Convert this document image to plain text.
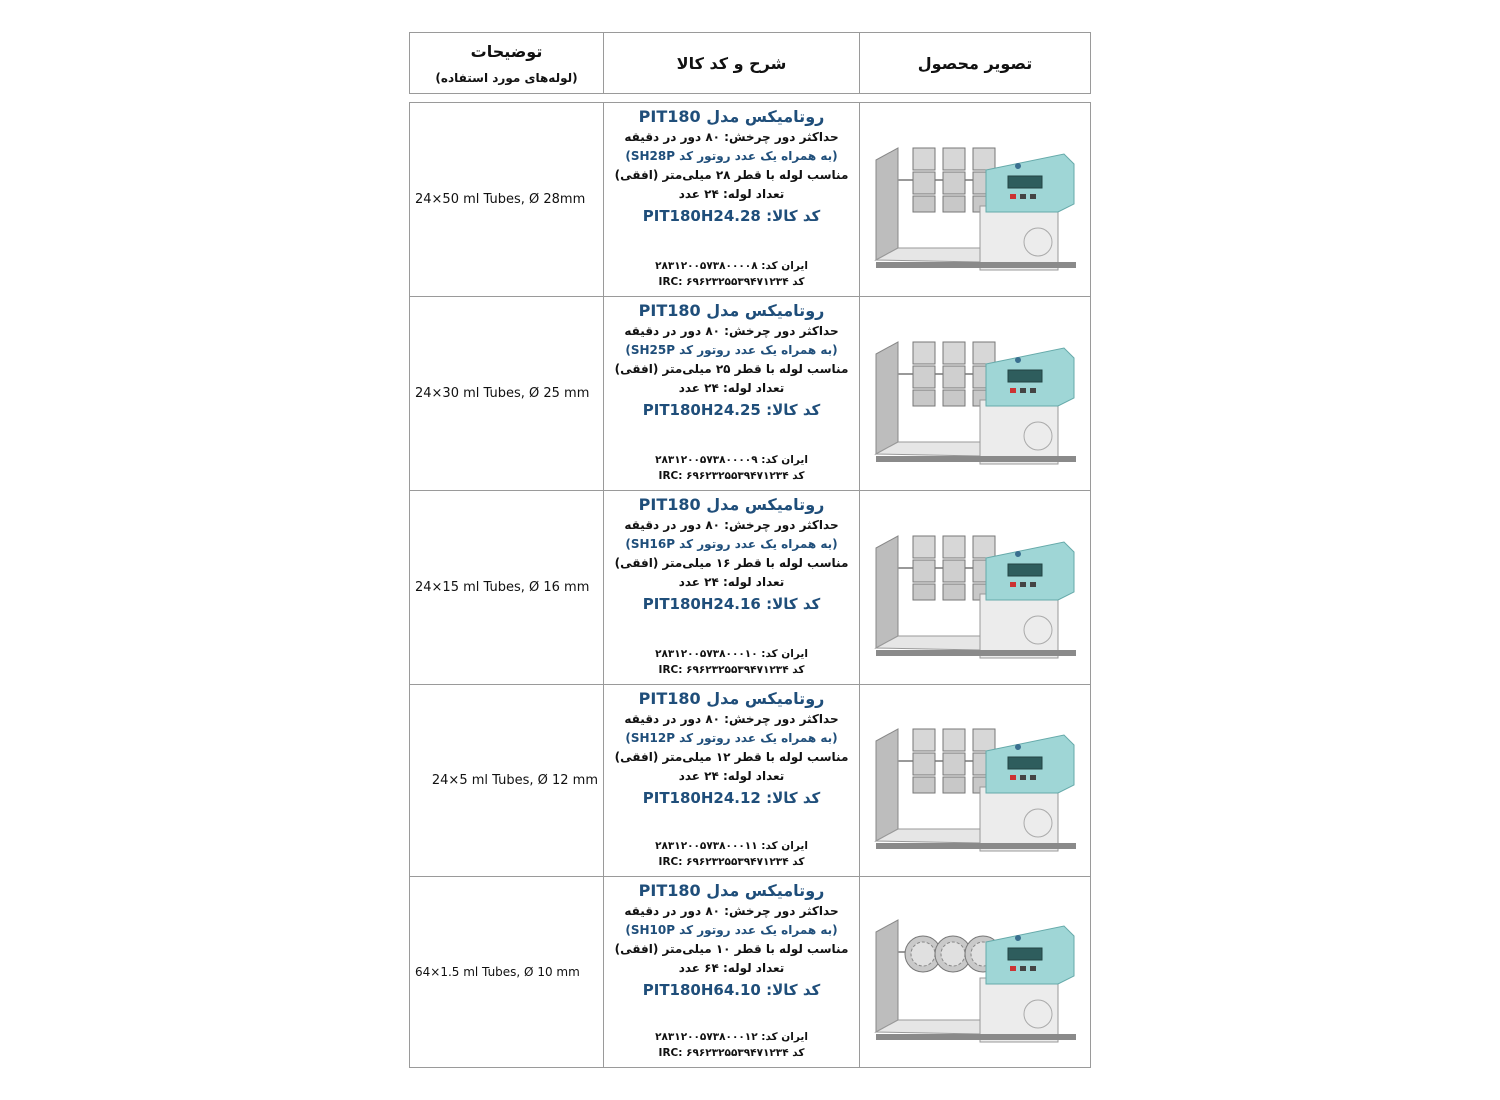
توضیحات
(لوله‌های مورد استفاده)
شرح و کد کالا	تصویر محصول
24×50 ml Tubes, Ø 28mm
روتامیکس مدل PIT180
حداکثر دور چرخش: ۸۰ دور در دقیقه
(به همراه یک عدد روتور کد SH28P)
مناسب لوله با قطر ۲۸ میلی‌متر (افقی)
تعداد لوله: ۲۴ عدد
کد کالا: PIT180H24.28
ایران کد: ۲۸۳۱۲۰۰۵۷۳۸۰۰۰۰۸
کد IRC: ۶۹۶۲۳۲۵۵۳۹۴۷۱۲۳۴
24×30 ml Tubes, Ø 25 mm
روتامیکس مدل PIT180
حداکثر دور چرخش: ۸۰ دور در دقیقه
(به همراه یک عدد روتور کد SH25P)
مناسب لوله با قطر ۲۵ میلی‌متر (افقی)
تعداد لوله: ۲۴ عدد
کد کالا: PIT180H24.25
ایران کد: ۲۸۳۱۲۰۰۵۷۳۸۰۰۰۰۹
کد IRC: ۶۹۶۲۳۲۵۵۳۹۴۷۱۲۳۴
24×15 ml Tubes, Ø 16 mm
روتامیکس مدل PIT180
حداکثر دور چرخش: ۸۰ دور در دقیقه
(به همراه یک عدد روتور کد SH16P)
مناسب لوله با قطر ۱۶ میلی‌متر (افقی)
تعداد لوله: ۲۴ عدد
کد کالا: PIT180H24.16
ایران کد: ۲۸۳۱۲۰۰۵۷۳۸۰۰۰۱۰
کد IRC: ۶۹۶۲۳۲۵۵۳۹۴۷۱۲۳۴
24×5 ml Tubes, Ø 12 mm
روتامیکس مدل PIT180
حداکثر دور چرخش: ۸۰ دور در دقیقه
(به همراه یک عدد روتور کد SH12P)
مناسب لوله با قطر ۱۲ میلی‌متر (افقی)
تعداد لوله: ۲۴ عدد
کد کالا: PIT180H24.12
ایران کد: ۲۸۳۱۲۰۰۵۷۳۸۰۰۰۱۱
کد IRC: ۶۹۶۲۳۲۵۵۳۹۴۷۱۲۳۴
64×1.5 ml Tubes, Ø 10 mm
روتامیکس مدل PIT180
حداکثر دور چرخش: ۸۰ دور در دقیقه
(به همراه یک عدد روتور کد SH10P)
مناسب لوله با قطر ۱۰ میلی‌متر (افقی)
تعداد لوله: ۶۴ عدد
کد کالا: PIT180H64.10
ایران کد: ۲۸۳۱۲۰۰۵۷۳۸۰۰۰۱۲
کد IRC: ۶۹۶۲۳۲۵۵۳۹۴۷۱۲۳۴
